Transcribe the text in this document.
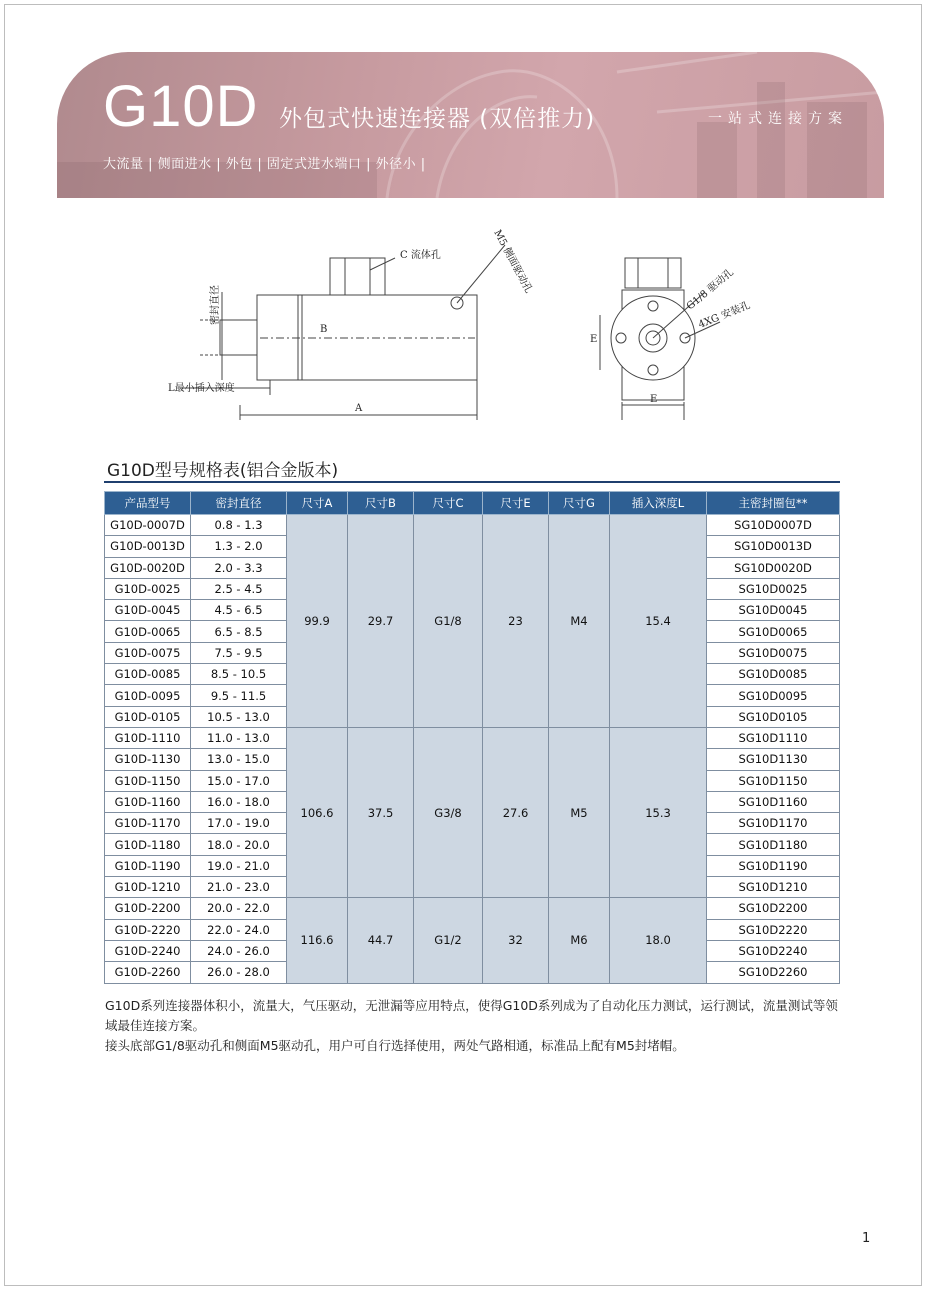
G10D 外包式快速连接器 (双倍推力)	一站式连接方案
大流量 | 侧面进水 | 外包 | 固定式进水端口 | 外径小 |
C 流体孔	M5 侧面驱动孔
密封直径
B
A
L最小插入深度
G1/8 驱动孔
4XG 安装孔
E
E
G10D型号规格表(铝合金版本)
产品型号	密封直径	尺寸A	尺寸B	尺寸C	尺寸E	尺寸G	插入深度L	主密封圈包**
G10D-0007D	0.8 - 1.3	99.9	29.7	G1/8	23	M4	15.4	SG10D0007D
G10D-0013D	1.3 - 2.0							SG10D0013D
G10D-0020D	2.0 - 3.3							SG10D0020D
G10D-0025	2.5 - 4.5							SG10D0025
G10D-0045	4.5 - 6.5							SG10D0045
G10D-0065	6.5 - 8.5							SG10D0065
G10D-0075	7.5 - 9.5							SG10D0075
G10D-0085	8.5 - 10.5							SG10D0085
G10D-0095	9.5 - 11.5							SG10D0095
G10D-0105	10.5 - 13.0							SG10D0105
G10D-1110	11.0 - 13.0	106.6	37.5	G3/8	27.6	M5	15.3	SG10D1110
G10D-1130	13.0 - 15.0							SG10D1130
G10D-1150	15.0 - 17.0							SG10D1150
G10D-1160	16.0 - 18.0							SG10D1160
G10D-1170	17.0 - 19.0							SG10D1170
G10D-1180	18.0 - 20.0							SG10D1180
G10D-1190	19.0 - 21.0							SG10D1190
G10D-1210	21.0 - 23.0							SG10D1210
G10D-2200	20.0 - 22.0	116.6	44.7	G1/2	32	M6	18.0	SG10D2200
G10D-2220	22.0 - 24.0							SG10D2220
G10D-2240	24.0 - 26.0							SG10D2240
G10D-2260	26.0 - 28.0							SG10D2260

G10D系列连接器体积小，流量大，气压驱动，无泄漏等应用特点，使得G10D系列成为了自动化压力测试，运行测试，流量测试等领域最佳连接方案。

接头底部G1/8驱动孔和侧面M5驱动孔，用户可自行选择使用，两处气路相通，标准品上配有M5封堵帽。

1
